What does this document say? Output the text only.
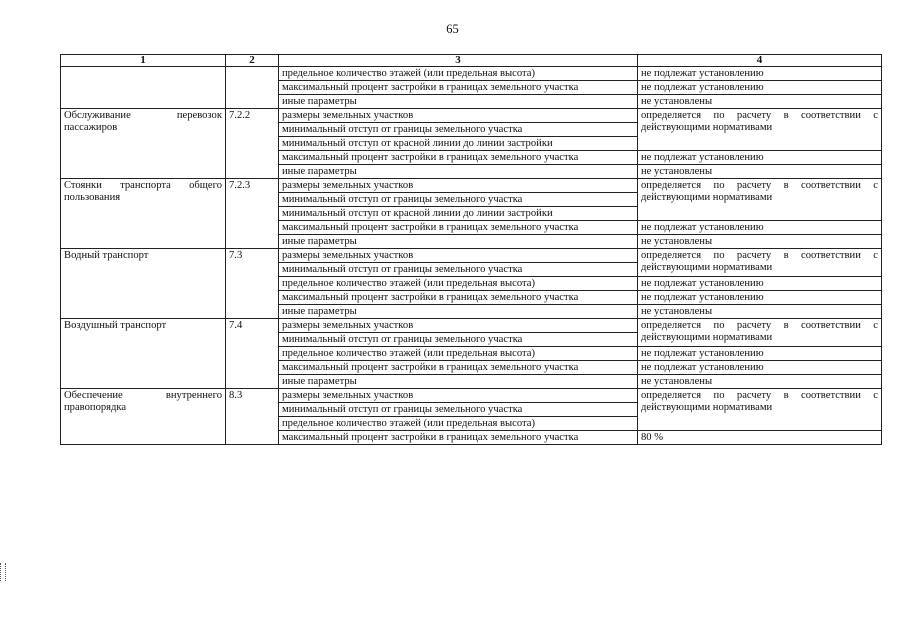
65
1	2	3	4
		предельное количество этажей (или предельная высота)	не подлежат установлению
		максимальный процент застройки в границах земельного участка	не подлежат установлению
		иные параметры	не установлены
Обслуживание перевозок пассажиров	7.2.2	размеры земельных участков	определяется по расчету в соответствии с действующими нормативами
		минимальный отступ от границы земельного участка	
		минимальный отступ от красной линии до линии застройки	
		максимальный процент застройки в границах земельного участка	не подлежат установлению
		иные параметры	не установлены
Стоянки транспорта общего пользования	7.2.3	размеры земельных участков	определяется по расчету в соответствии с действующими нормативами
		минимальный отступ от границы земельного участка	
		минимальный отступ от красной линии до линии застройки	
		максимальный процент застройки в границах земельного участка	не подлежат установлению
		иные параметры	не установлены
Водный транспорт	7.3	размеры земельных участков	определяется по расчету в соответствии с действующими нормативами
		минимальный отступ от границы земельного участка	
		предельное количество этажей (или предельная высота)	не подлежат установлению
		максимальный процент застройки в границах земельного участка	не подлежат установлению
		иные параметры	не установлены
Воздушный транспорт	7.4	размеры земельных участков	определяется по расчету в соответствии с действующими нормативами
		минимальный отступ от границы земельного участка	
		предельное количество этажей (или предельная высота)	не подлежат установлению
		максимальный процент застройки в границах земельного участка	не подлежат установлению
		иные параметры	не установлены
Обеспечение внутреннего правопорядка	8.3	размеры земельных участков	определяется по расчету в соответствии с действующими нормативами
		минимальный отступ от границы земельного участка	
		предельное количество этажей (или предельная высота)	
		максимальный процент застройки в границах земельного участка	80 %
